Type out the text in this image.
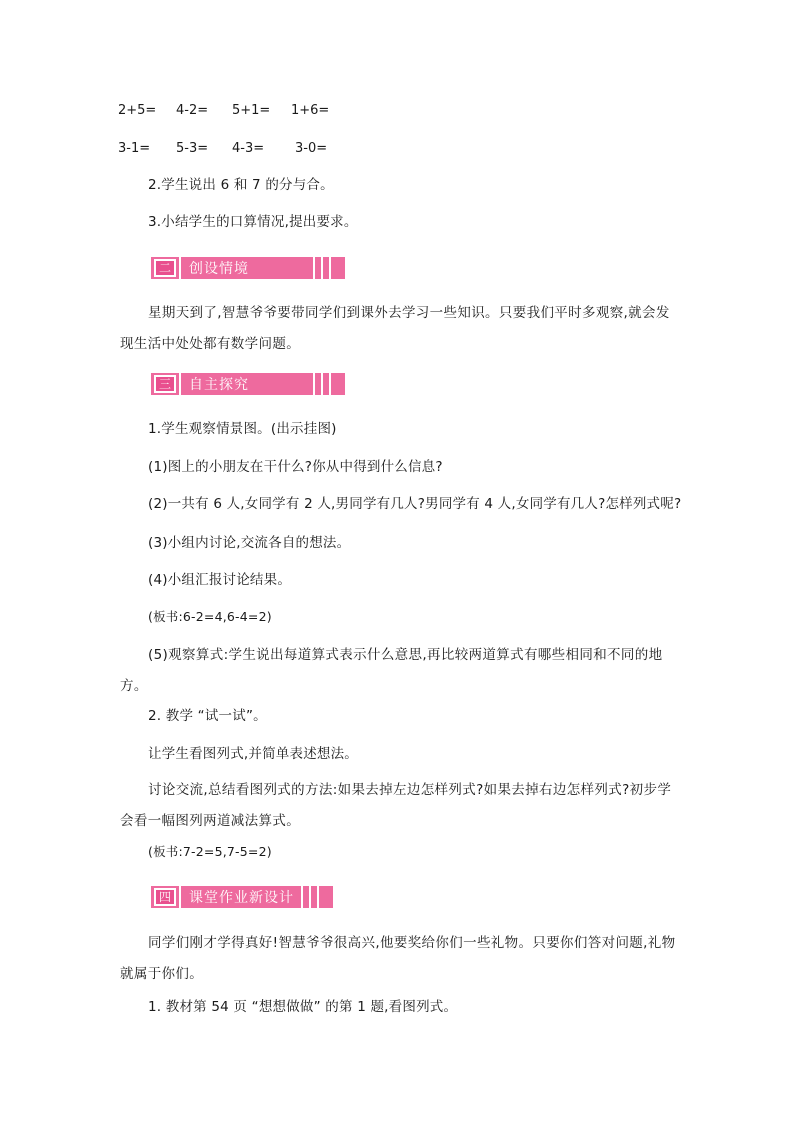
2+5= 4-2= 5+1= 1+6=
3-1= 5-3= 4-3= 3-0=
2.学生说出 6 和 7 的分与合。
3.小结学生的口算情况,提出要求。
二	创设情境
星期天到了,智慧爷爷要带同学们到课外去学习一些知识。只要我们平时多观察,就会发现生活中处处都有数学问题。
三	自主探究
1.学生观察情景图。(出示挂图)
(1)图上的小朋友在干什么?你从中得到什么信息?
(2)一共有 6 人,女同学有 2 人,男同学有几人?男同学有 4 人,女同学有几人?怎样列式呢?
(3)小组内讨论,交流各自的想法。
(4)小组汇报讨论结果。
(板书:6-2=4,6-4=2)
(5)观察算式:学生说出每道算式表示什么意思,再比较两道算式有哪些相同和不同的地方。
2. 教学 “试一试”。
让学生看图列式,并简单表述想法。
讨论交流,总结看图列式的方法:如果去掉左边怎样列式?如果去掉右边怎样列式?初步学会看一幅图列两道减法算式。
(板书:7-2=5,7-5=2)
四	课堂作业新设计
同学们刚才学得真好!智慧爷爷很高兴,他要奖给你们一些礼物。只要你们答对问题,礼物就属于你们。
1. 教材第 54 页 “想想做做” 的第 1 题,看图列式。
